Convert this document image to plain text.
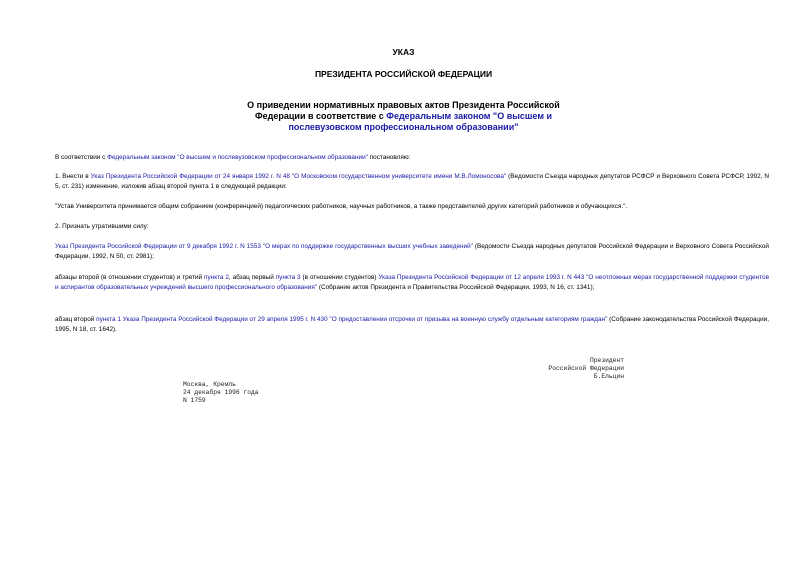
УКАЗ
ПРЕЗИДЕНТА РОССИЙСКОЙ ФЕДЕРАЦИИ
О приведении нормативных правовых актов Президента Российской
Федерации в соответствие с Федеральным законом "О высшем и
послевузовском профессиональном образовании"
В соответствии с Федеральным законом "О высшем и послевузовском профессиональном образовании" постановляю:
1. Внести в Указ Президента Российской Федерации от 24 января 1992 г. N 48 "О Московском государственном университете имени М.В.Ломоносова" (Ведомости Съезда народных депутатов РСФСР и Верховного Совета РСФСР, 1992, N 5, ст. 231) изменение, изложив абзац второй пункта 1 в следующей редакции:
"Устав Университета принимается общим собранием (конференцией) педагогических работников, научных работников, а также представителей других категорий работников и обучающихся.".
2. Признать утратившими силу:
Указ Президента Российской Федерации от 9 декабря 1992 г. N 1553 "О мерах по поддержке государственных высших учебных заведений" (Ведомости Съезда народных депутатов Российской Федерации и Верховного Совета Российской Федерации, 1992, N 50, ст. 2981);
абзацы второй (в отношении студентов) и третий пункта 2, абзац первый пункта 3 (в отношении студентов) Указа Президента Российской Федерации от 12 апреля 1993 г. N 443 "О неотложных мерах государственной поддержки студентов и аспирантов образовательных учреждений высшего профессионального образования" (Собрание актов Президента и Правительства Российской Федерации, 1993, N 16, ст. 1341);
абзац второй пункта 1 Указа Президента Российской Федерации от 29 апреля 1995 г. N 430 "О предоставлении отсрочки от призыва на военную службу отдельным категориям граждан" (Собрание законодательства Российской Федерации, 1995, N 18, ст. 1642).
Президент
Российской Федерации
Б.Ельцин
Москва, Кремль
24 декабря 1996 года
N 1759
